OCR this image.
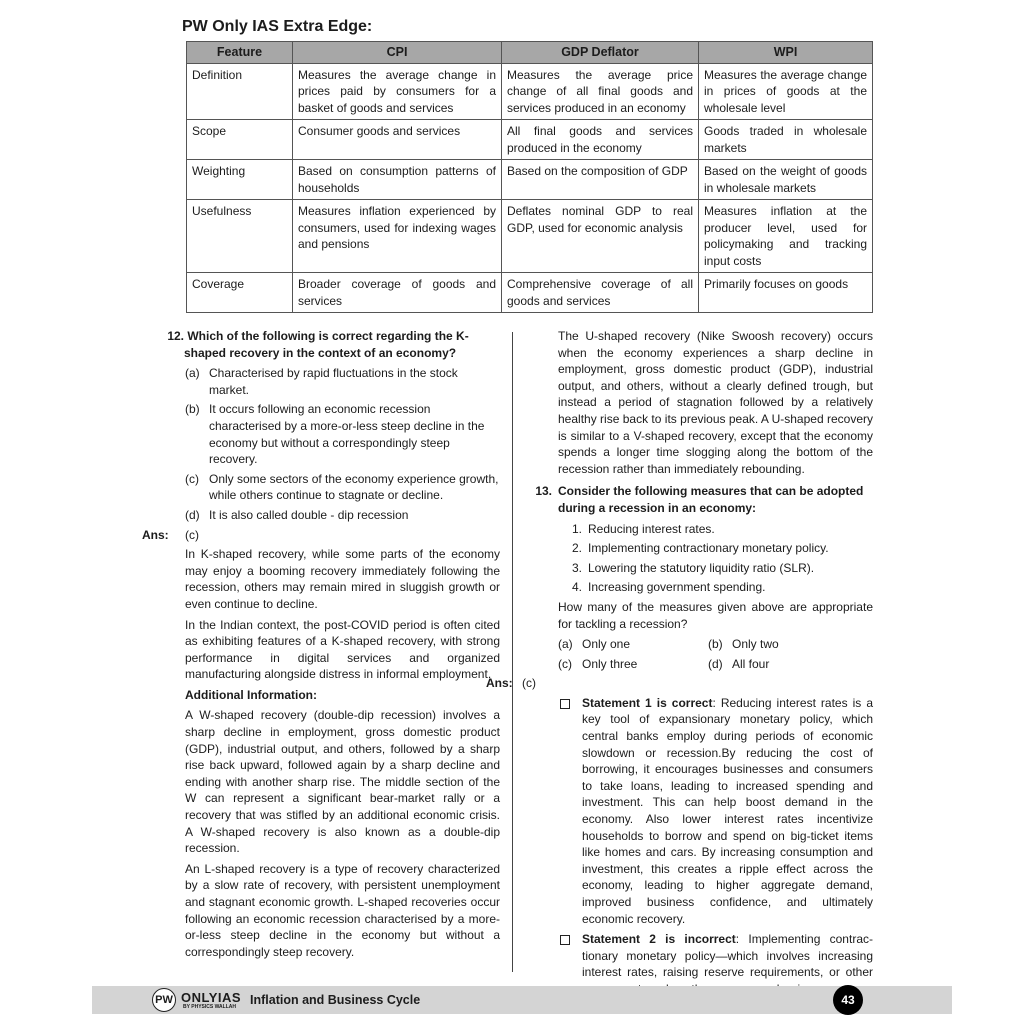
PW Only IAS Extra Edge:
Feature	CPI	GDP Deflator	WPI
Definition	Measures the average change in prices paid by consumers for a basket of goods and services	Measures the average price change of all final goods and services produced in an economy	Measures the average change in prices of goods at the wholesale level
Scope	Consumer goods and services	All final goods and services produced in the economy	Goods traded in wholesale markets
Weighting	Based on consumption patterns of households	Based on the composition of GDP	Based on the weight of goods in wholesale markets
Usefulness	Measures inflation experienced by consumers, used for indexing wages and pensions	Deflates nominal GDP to real GDP, used for economic analysis	Measures inflation at the producer level, used for policymaking and tracking input costs
Coverage	Broader coverage of goods and services	Comprehensive coverage of all goods and services	Primarily focuses on goods
12. Which of the following is correct regarding the K-shaped recovery in the context of an economy?
(a) Characterised by rapid fluctuations in the stock market.
(b) It occurs following an economic recession characterised by a more-or-less steep decline in the economy but without a correspondingly steep recovery.
(c) Only some sectors of the economy experience growth, while others continue to stagnate or decline.
(d) It is also called double - dip recession
Ans:	(c)

In K-shaped recovery, while some parts of the economy may enjoy a booming recovery immediately following the recession, others may remain mired in sluggish growth or even continue to decline.

In the Indian context, the post-COVID period is often cited as exhibiting features of a K-shaped recovery, with strong performance in digital services and organized manufacturing alongside distress in informal employment.

Additional Information:

A W-shaped recovery (double-dip recession) involves a sharp decline in employment, gross domestic product (GDP), industrial output, and others, followed by a sharp rise back upward, followed again by a sharp decline and ending with another sharp rise. The middle section of the W can represent a significant bear-market rally or a recovery that was stifled by an additional economic crisis. A W-shaped recovery is also known as a double-dip recession.

An L-shaped recovery is a type of recovery characterized by a slow rate of recovery, with persistent unemployment and stagnant economic growth. L-shaped recoveries occur following an economic recession characterised by a more-or-less steep decline in the economy but without a correspondingly steep recovery.

The U-shaped recovery (Nike Swoosh recovery) occurs when the economy experiences a sharp decline in employment, gross domestic product (GDP), industrial output, and others, without a clearly defined trough, but instead a period of stagnation followed by a relatively healthy rise back to its previous peak. A U-shaped recovery is similar to a V-shaped recovery, except that the economy spends a longer time slogging along the bottom of the recession rather than immediately rebounding.

13. Consider the following measures that can be adopted during a recession in an economy:
1. Reducing interest rates.
2. Implementing contractionary monetary policy.
3. Lowering the statutory liquidity ratio (SLR).
4. Increasing government spending.

How many of the measures given above are appropriate for tackling a recession?

(a) Only one	(b) Only two
(c) Only three	(d) All four
Ans: (c)
Statement 1 is correct: Reducing interest rates is a key tool of expansionary monetary policy, which central banks employ during periods of economic slowdown or recession.By reducing the cost of borrowing, it encourages businesses and consumers to take loans, leading to increased spending and investment. This can help boost demand in the economy. Also lower interest rates incentivize households to borrow and spend on big-ticket items like homes and cars. By increasing consumption and investment, this creates a ripple effect across the economy, leading to higher aggregate demand, improved business confidence, and ultimately economic recovery.
Statement 2 is incorrect: Implementing contrac-tionary monetary policy—which involves increasing interest rates, raising reserve requirements, or other
PW ONLYIAS
BY PHYSICS WALLAH Inflation and Business Cycle	43
